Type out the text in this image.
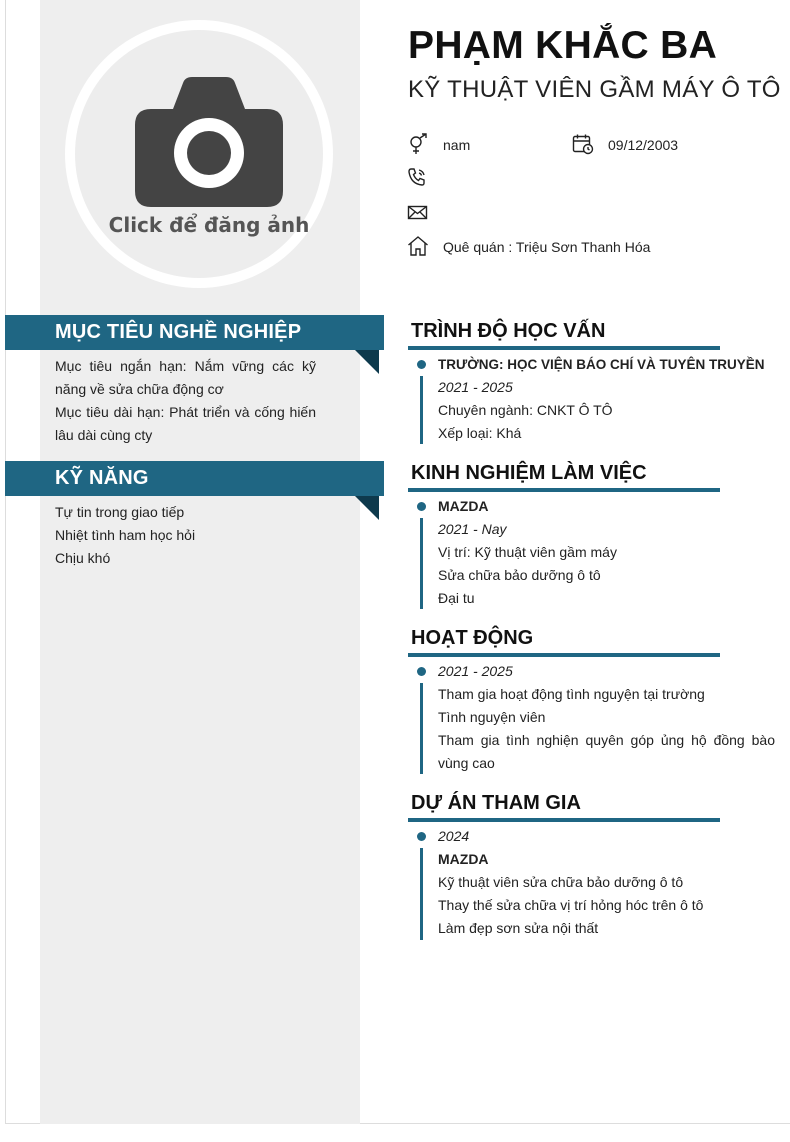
Click để đăng ảnh
MỤC TIÊU NGHỀ NGHIỆP
Mục tiêu ngắn hạn: Nắm vững các kỹ năng về sửa chữa động cơ
Mục tiêu dài hạn: Phát triển và cống hiến lâu dài cùng cty
KỸ NĂNG
Tự tin trong giao tiếp
Nhiệt tình ham học hỏi
Chịu khó
PHẠM KHẮC BA
KỸ THUẬT VIÊN GẦM MÁY Ô TÔ
nam	09/12/2003
Quê quán : Triệu Sơn Thanh Hóa
TRÌNH ĐỘ HỌC VẤN
TRƯỜNG: HỌC VIỆN BÁO CHÍ VÀ TUYÊN TRUYỀN
2021 - 2025
Chuyên ngành: CNKT Ô TÔ
Xếp loại: Khá
KINH NGHIỆM LÀM VIỆC
MAZDA
2021 - Nay
Vị trí: Kỹ thuật viên gầm máy
Sửa chữa bảo dưỡng ô tô
Đại tu
HOẠT ĐỘNG
2021 - 2025
Tham gia hoạt động tình nguyện tại trường
Tình nguyện viên
Tham gia tình nghiện quyên góp ủng hộ đồng bào vùng cao
DỰ ÁN THAM GIA
2024
MAZDA
Kỹ thuật viên sửa chữa bảo dưỡng ô tô
Thay thế sửa chữa vị trí hỏng hóc trên ô tô
Làm đẹp sơn sửa nội thất
